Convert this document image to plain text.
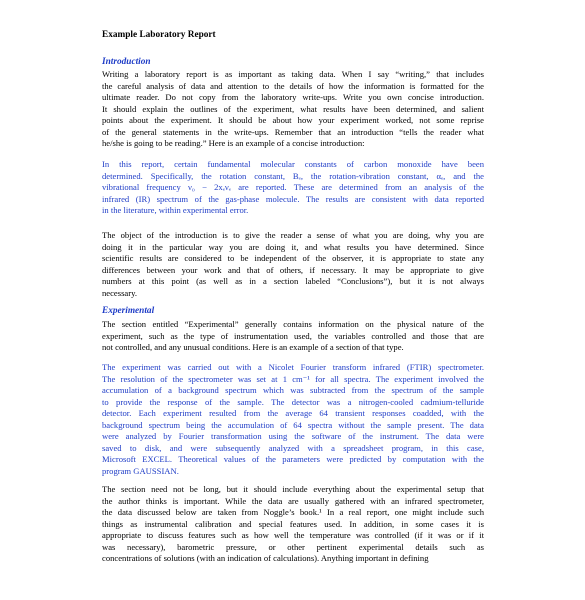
Example Laboratory Report
Introduction

Writing a laboratory report is as important as taking data. When I say “writing,” that includes
the careful analysis of data and attention to the details of how the information is formatted for the
ultimate reader. Do not copy from the laboratory write-ups. Write you own concise introduction.
It should explain the outlines of the experiment, what results have been determined, and salient
points about the experiment. It should be about how your experiment worked, not some reprise
of the general statements in the write-ups. Remember that an introduction “tells the reader what
he/she is going to be reading.” Here is an example of a concise introduction:

In this report, certain fundamental molecular constants of carbon monoxide have been
determined. Specifically, the rotation constant, Bₑ, the rotation-vibration constant, αₑ, and the
vibrational frequency ν₀ − 2xₑνₑ are reported. These are determined from an analysis of the
infrared (IR) spectrum of the gas-phase molecule. The results are consistent with data reported
in the literature, within experimental error.

The object of the introduction is to give the reader a sense of what you are doing, why you are
doing it in the particular way you are doing it, and what results you have determined. Since
scientific results are considered to be independent of the observer, it is appropriate to state any
differences between your work and that of others, if necessary. It may be appropriate to give
numbers at this point (as well as in a section labeled “Conclusions”), but it is not always
necessary.

Experimental

The section entitled “Experimental” generally contains information on the physical nature of the
experiment, such as the type of instrumentation used, the variables controlled and those that are
not controlled, and any unusual conditions. Here is an example of a section of that type.

The experiment was carried out with a Nicolet Fourier transform infrared (FTIR) spectrometer.
The resolution of the spectrometer was set at 1 cm⁻¹ for all spectra. The experiment involved the
accumulation of a background spectrum which was subtracted from the spectrum of the sample
to provide the response of the sample. The detector was a nitrogen-cooled cadmium-telluride
detector. Each experiment resulted from the average 64 transient responses coadded, with the
background spectrum being the accumulation of 64 spectra without the sample present. The data
were analyzed by Fourier transformation using the software of the instrument. The data were
saved to disk, and were subsequently analyzed with a spreadsheet program, in this case,
Microsoft EXCEL. Theoretical values of the parameters were predicted by computation with the
program GAUSSIAN.

The section need not be long, but it should include everything about the experimental setup that
the author thinks is important. While the data are usually gathered with an infrared spectrometer,
the data discussed below are taken from Noggle’s book.¹ In a real report, one might include such
things as instrumental calibration and special features used. In addition, in some cases it is
appropriate to discuss features such as how well the temperature was controlled (if it was or if it
was necessary), barometric pressure, or other pertinent experimental details such as
concentrations of solutions (with an indication of calculations). Anything important in defining
